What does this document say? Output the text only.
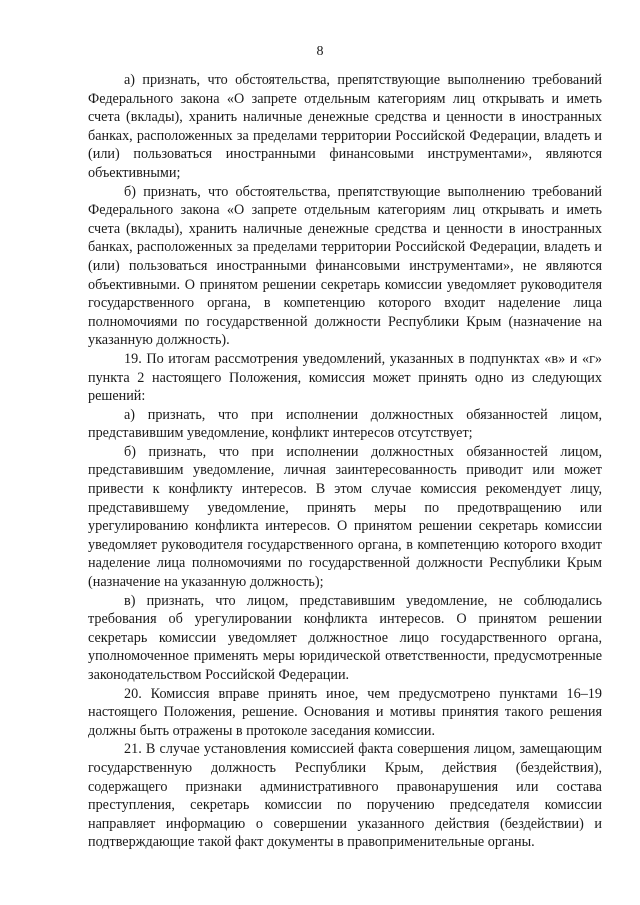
8

а) признать, что обстоятельства, препятствующие выполнению требований Федерального закона «О запрете отдельным категориям лиц открывать и иметь счета (вклады), хранить наличные денежные средства и ценности в иностранных банках, расположенных за пределами территории Российской Федерации, владеть и (или) пользоваться иностранными финансовыми инструментами», являются объективными;

б) признать, что обстоятельства, препятствующие выполнению требований Федерального закона «О запрете отдельным категориям лиц открывать и иметь счета (вклады), хранить наличные денежные средства и ценности в иностранных банках, расположенных за пределами территории Российской Федерации, владеть и (или) пользоваться иностранными финансовыми инструментами», не являются объективными. О принятом решении секретарь комиссии уведомляет руководителя государственного органа, в компетенцию которого входит наделение лица полномочиями по государственной должности Республики Крым (назначение на указанную должность).

19. По итогам рассмотрения уведомлений, указанных в подпунктах «в» и «г» пункта 2 настоящего Положения, комиссия может принять одно из следующих решений:

а) признать, что при исполнении должностных обязанностей лицом, представившим уведомление, конфликт интересов отсутствует;

б) признать, что при исполнении должностных обязанностей лицом, представившим уведомление, личная заинтересованность приводит или может привести к конфликту интересов. В этом случае комиссия рекомендует лицу, представившему уведомление, принять меры по предотвращению или урегулированию конфликта интересов. О принятом решении секретарь комиссии уведомляет руководителя государственного органа, в компетенцию которого входит наделение лица полномочиями по государственной должности Республики Крым (назначение на указанную должность);

в) признать, что лицом, представившим уведомление, не соблюдались требования об урегулировании конфликта интересов. О принятом решении секретарь комиссии уведомляет должностное лицо государственного органа, уполномоченное применять меры юридической ответственности, предусмотренные законодательством Российской Федерации.

20. Комиссия вправе принять иное, чем предусмотрено пунктами 16–19 настоящего Положения, решение. Основания и мотивы принятия такого решения должны быть отражены в протоколе заседания комиссии.

21. В случае установления комиссией факта совершения лицом, замещающим государственную должность Республики Крым, действия (бездействия), содержащего признаки административного правонарушения или состава преступления, секретарь комиссии по поручению председателя комиссии направляет информацию о совершении указанного действия (бездействии) и подтверждающие такой факт документы в правоприменительные органы.
